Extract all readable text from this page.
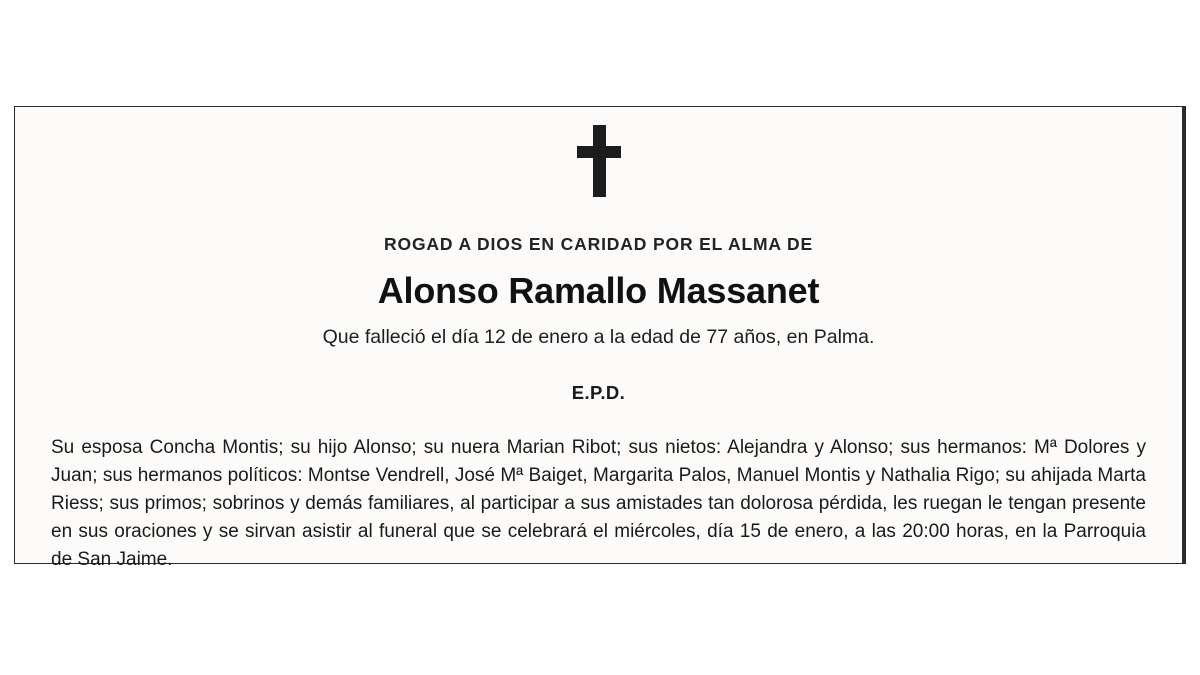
ROGAD A DIOS EN CARIDAD POR EL ALMA DE
Alonso Ramallo Massanet
Que falleció el día 12 de enero a la edad de 77 años, en Palma.
E.P.D.
Su esposa Concha Montis; su hijo Alonso; su nuera Marian Ribot; sus nietos: Alejandra y Alonso; sus hermanos: Mª Dolores y Juan; sus hermanos políticos: Montse Vendrell, José Mª Baiget, Margarita Palos, Manuel Montis y Nathalia Rigo; su ahijada Marta Riess; sus primos; sobrinos y demás familiares, al participar a sus amistades tan dolorosa pérdida, les ruegan le tengan presente en sus oraciones y se sirvan asistir al funeral que se celebrará el miércoles, día 15 de enero, a las 20:00 horas, en la Parroquia de San Jaime.
